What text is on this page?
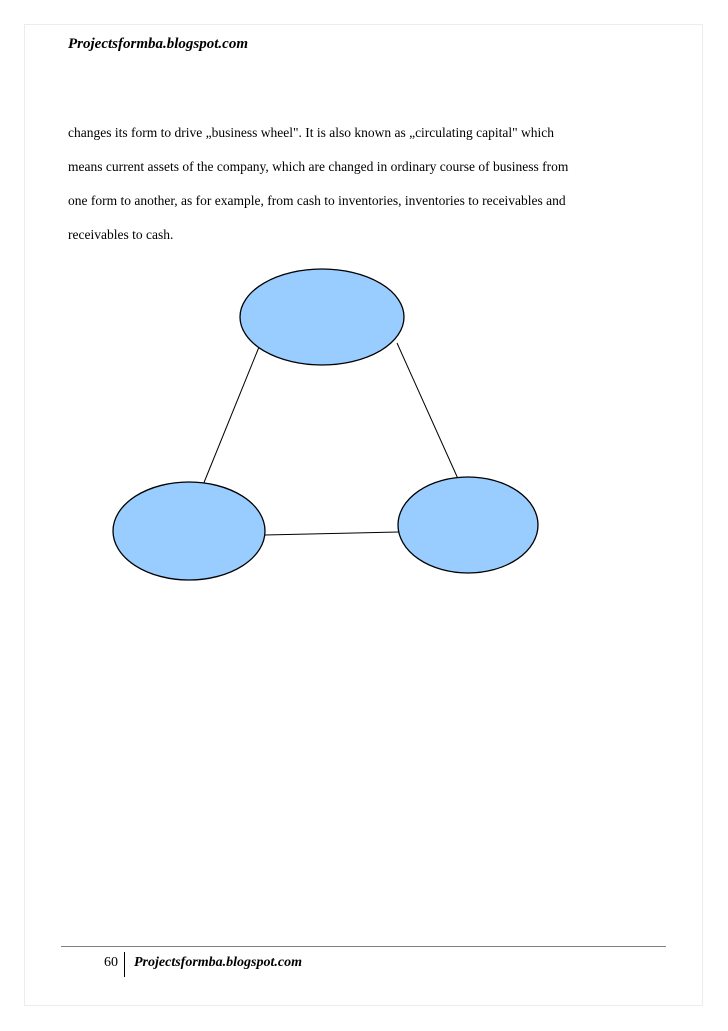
Projectsformba.blogspot.com
changes its form to drive „business wheel". It is also known as „circulating capital" which
means current assets of the company, which are changed in ordinary course of business from
one form to another, as for example, from cash to inventories, inventories to receivables and
receivables to cash.
60 Projectsformba.blogspot.com
